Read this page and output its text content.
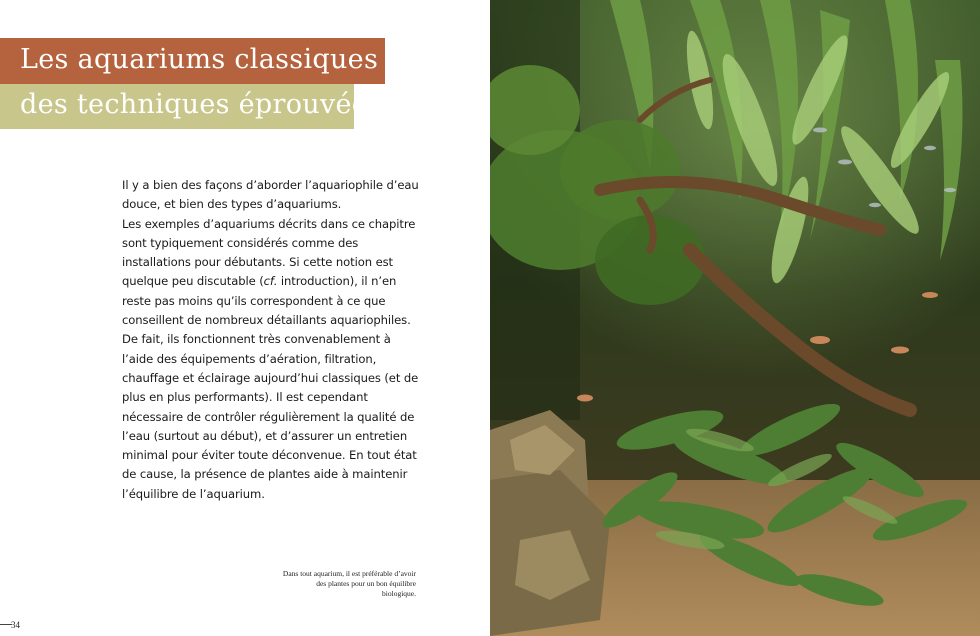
Les aquariums classiques :
des techniques éprouvées

Il y a bien des façons d’aborder l’aquariophile d’eau douce, et bien des types d’aquariums.

Les exemples d’aquariums décrits dans ce chapitre sont typiquement considérés comme des installations pour débutants. Si cette notion est quelque peu discutable (cf. introduction), il n’en reste pas moins qu’ils correspondent à ce que conseillent de nombreux détaillants aquariophiles.

De fait, ils fonctionnent très convenablement à l’aide des équipements d’aération, filtration, chauffage et éclairage aujourd’hui classiques (et de plus en plus performants). Il est cependant nécessaire de contrôler régulièrement la qualité de l’eau (surtout au début), et d’assurer un entretien minimal pour éviter toute déconvenue. En tout état de cause, la présence de plantes aide à maintenir l’équilibre de l’aquarium.

Dans tout aquarium, il est préférable d’avoir des plantes pour un bon équilibre biologique.
34
